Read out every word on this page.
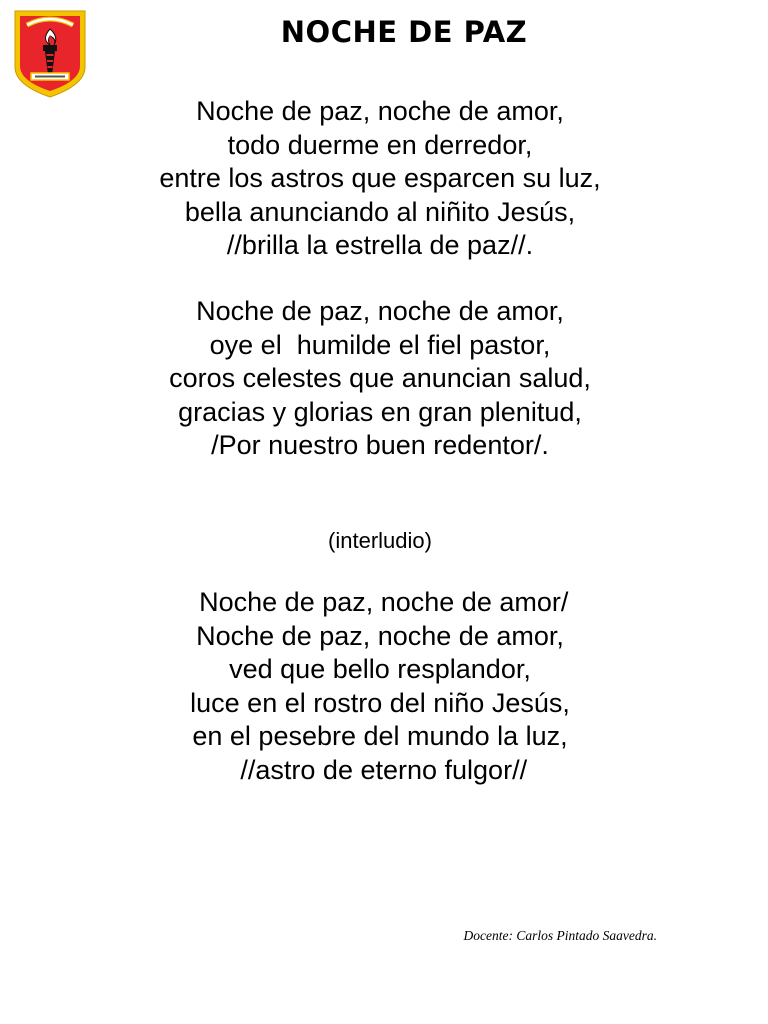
NOCHE DE PAZ
Noche de paz, noche de amor,
todo duerme en derredor,
entre los astros que esparcen su luz,
bella anunciando al niñito Jesús,
//brilla la estrella de paz//.
Noche de paz, noche de amor,
oye el  humilde el fiel pastor,
coros celestes que anuncian salud,
gracias y glorias en gran plenitud,
/Por nuestro buen redentor/.
(interludio)
Noche de paz, noche de amor/
Noche de paz, noche de amor,
ved que bello resplandor,
luce en el rostro del niño Jesús,
en el pesebre del mundo la luz,
//astro de eterno fulgor//
Docente: Carlos Pintado Saavedra.
